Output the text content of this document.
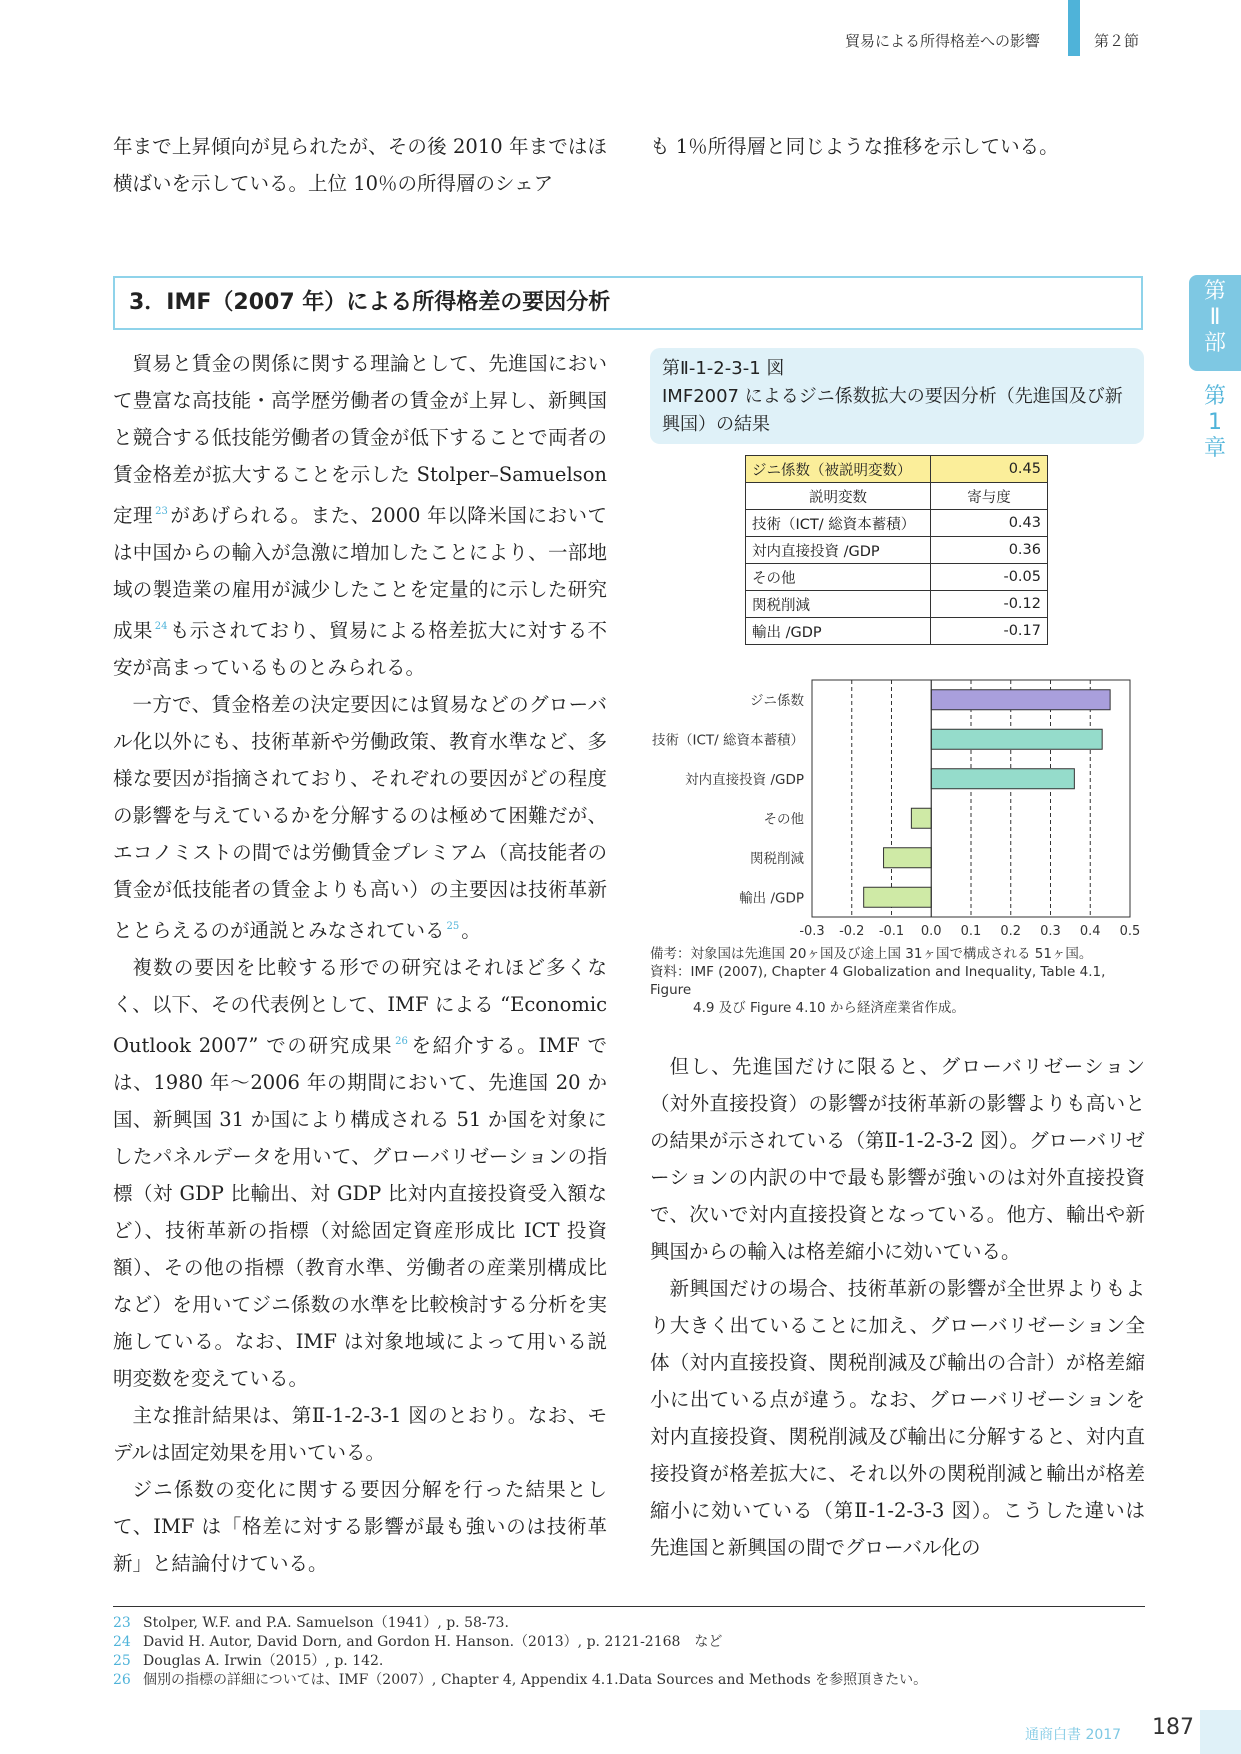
貿易による所得格差への影響	第２節
第
Ⅱ
部
第
1
章

年まで上昇傾向が見られたが、その後 2010 年まではほ横ばいを示している。上位 10％の所得層のシェア

も 1％所得層と同じような推移を示している。

3．IMF（2007 年）による所得格差の要因分析

貿易と賃金の関係に関する理論として、先進国において豊富な高技能・高学歴労働者の賃金が上昇し、新興国と競合する低技能労働者の賃金が低下することで両者の賃金格差が拡大することを示した Stolper–Samuelson 定理 $^{23}$ があげられる。また、2000 年以降米国においては中国からの輸入が急激に増加したことにより、一部地域の製造業の雇用が減少したことを定量的に示した研究成果 $^{24}$ も示されており、貿易による格差拡大に対する不安が高まっているものとみられる。

一方で、賃金格差の決定要因には貿易などのグローバル化以外にも、技術革新や労働政策、教育水準など、多様な要因が指摘されており、それぞれの要因がどの程度の影響を与えているかを分解するのは極めて困難だが、エコノミストの間では労働賃金プレミアム（高技能者の賃金が低技能者の賃金よりも高い）の主要因は技術革新ととらえるのが通説とみなされている $^{25}$ 。

複数の要因を比較する形での研究はそれほど多くなく、以下、その代表例として、IMF による “Economic Outlook 2007” での研究成果 $^{26}$ を紹介する。IMF では、1980 年～2006 年の期間において、先進国 20 か国、新興国 31 か国により構成される 51 か国を対象にしたパネルデータを用いて、グローバリゼーションの指標（対 GDP 比輸出、対 GDP 比対内直接投資受入額など）、技術革新の指標（対総固定資産形成比 ICT 投資額）、その他の指標（教育水準、労働者の産業別構成比など）を用いてジニ係数の水準を比較検討する分析を実施している。なお、IMF は対象地域によって用いる説明変数を変えている。

主な推計結果は、第Ⅱ-1-2-3-1 図のとおり。なお、モデルは固定効果を用いている。

ジニ係数の変化に関する要因分解を行った結果として、IMF は「格差に対する影響が最も強いのは技術革新」と結論付けている。

第Ⅱ-1-2-3-1 図
IMF2007 によるジニ係数拡大の要因分析（先進国及び新興国）の結果
ジニ係数（被説明変数）	0.45
説明変数	寄与度
技術（ICT/ 総資本蓄積）	0.43
対内直接投資 /GDP	0.36
その他	-0.05
関税削減	-0.12
輸出 /GDP	-0.17
ジニ係数
技術（ICT/ 総資本蓄積）
対内直接投資 /GDP
その他
関税削減
輸出 /GDP
-0.3 -0.2 -0.1 0.0 0.1 0.2 0.3 0.4 0.5
備考：対象国は先進国 20ヶ国及び途上国 31ヶ国で構成される 51ヶ国。
資料：IMF (2007), Chapter 4 Globalization and Inequality, Table 4.1, Figure
4.9 及び Figure 4.10 から経済産業省作成。

但し、先進国だけに限ると、グローバリゼーション（対外直接投資）の影響が技術革新の影響よりも高いとの結果が示されている（第Ⅱ-1-2-3-2 図）。グローバリゼーションの内訳の中で最も影響が強いのは対外直接投資で、次いで対内直接投資となっている。他方、輸出や新興国からの輸入は格差縮小に効いている。

新興国だけの場合、技術革新の影響が全世界よりもより大きく出ていることに加え、グローバリゼーション全体（対内直接投資、関税削減及び輸出の合計）が格差縮小に出ている点が違う。なお、グローバリゼーションを対内直接投資、関税削減及び輸出に分解すると、対内直接投資が格差拡大に、それ以外の関税削減と輸出が格差縮小に効いている（第Ⅱ-1-2-3-3 図）。こうした違いは先進国と新興国の間でグローバル化の

23 Stolper, W.F. and P.A. Samuelson（1941）, p. 58-73.
24 David H. Autor, David Dorn, and Gordon H. Hanson.（2013）, p. 2121-2168　など
25 Douglas A. Irwin（2015）, p. 142.
26 個別の指標の詳細については、IMF（2007）, Chapter 4, Appendix 4.1.Data Sources and Methods を参照頂きたい。
通商白書 2017 187
